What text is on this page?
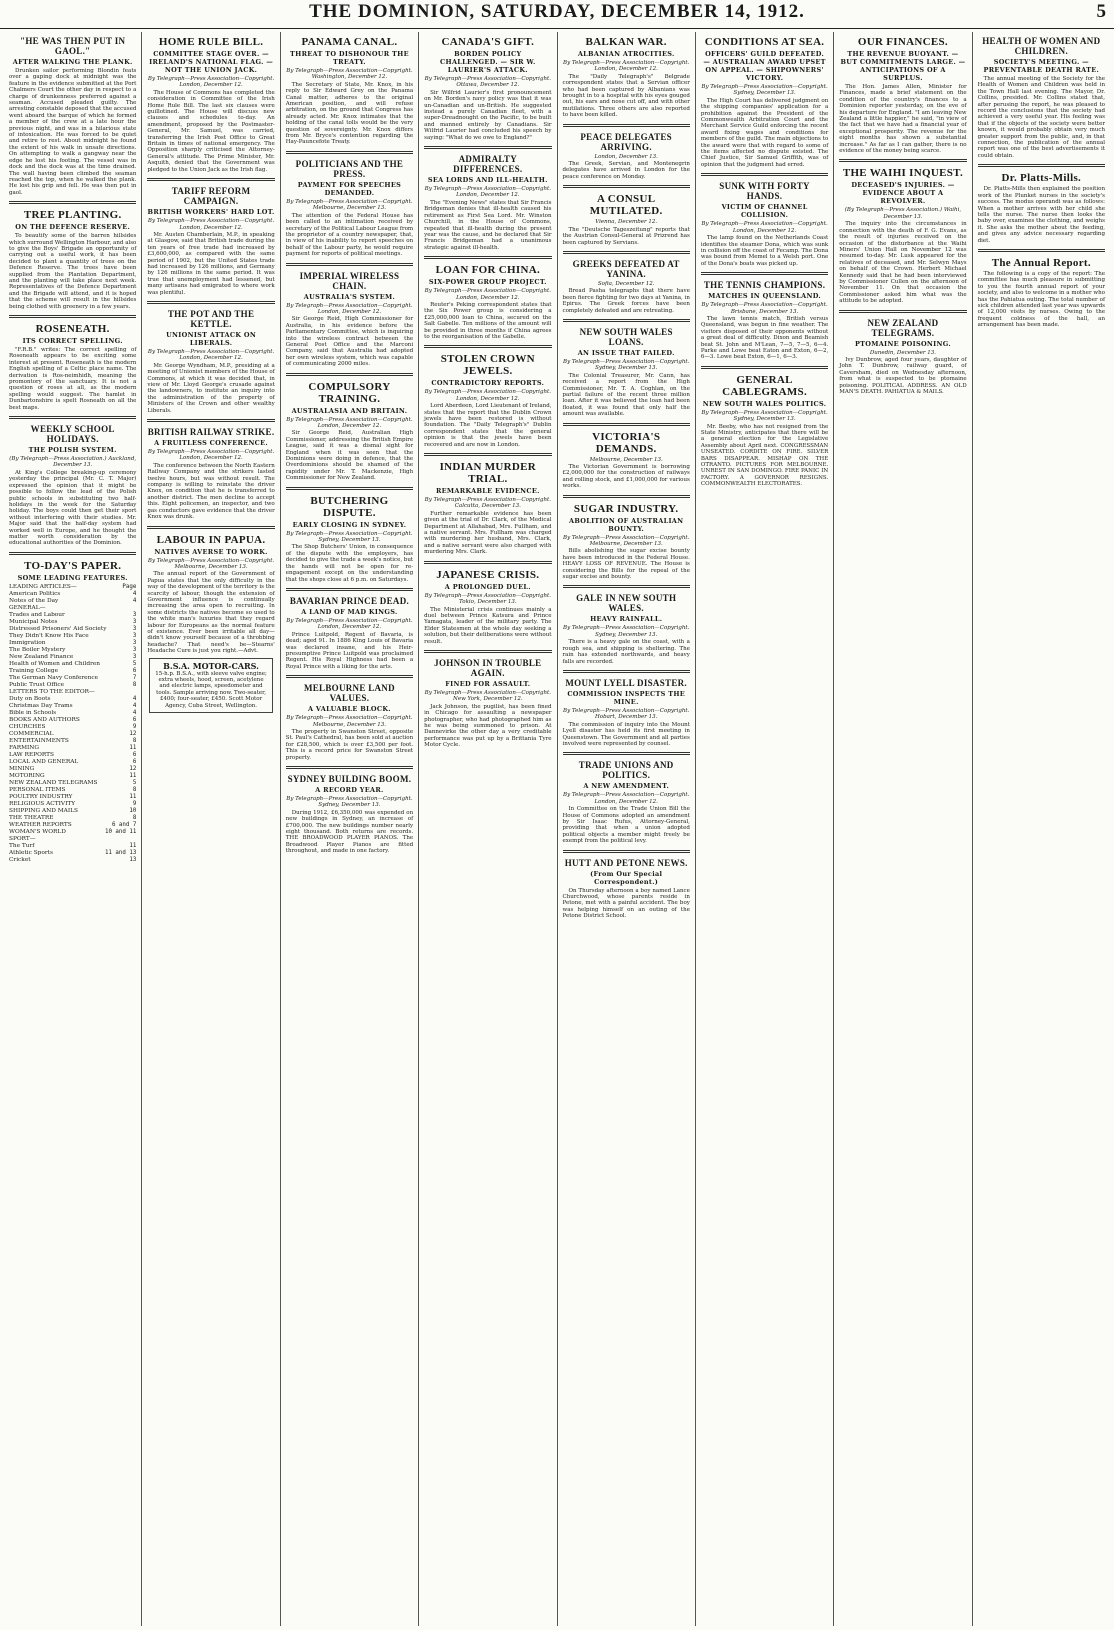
THE DOMINION, SATURDAY, DECEMBER 14, 1912.	5
"HE WAS THEN PUT IN GAOL."
AFTER WALKING THE PLANK.

Drunken sailor performing Blondin feats over a gaping dock at midnight was the feature in the evidence submitted at the Port Chalmers Court the other day in respect to a charge of drunkenness preferred against a seaman. Accused pleaded guilty. The arresting constable deposed that the accused went aboard the barque of which he formed a member of the crew at a late hour the previous night, and was in a hilarious state of intoxication. He was forced to be quiet and retire to rest. About midnight he found the extent of his walk in unsafe directions. On attempting to walk a gangway near the edge he lost his footing. The vessel was in dock and the dock was at the time drained. The wall having been climbed the seaman reached the top, when he walked the plank. He lost his grip and fell. He was then put in gaol.

TREE PLANTING.
ON THE DEFENCE RESERVE.

To beautify some of the barren hillsides which surround Wellington Harbour, and also to give the Boys' Brigade an opportunity of carrying out a useful work, it has been decided to plant a quantity of trees on the Defence Reserve. The trees have been supplied from the Plantation Department, and the planting will take place next week. Representatives of the Defence Department and the Brigade will attend, and it is hoped that the scheme will result in the hillsides being clothed with greenery in a few years.

ROSENEATH.
ITS CORRECT SPELLING.

"F.R.B." writes: The correct spelling of Roseneath appears to be exciting some interest at present. Roseneath is the modern English spelling of a Celtic place name. The derivation is Ros-neimhidh, meaning the promontory of the sanctuary. It is not a question of roses at all, as the modern spelling would suggest. The hamlet in Dunbartonshire is spelt Rosneath on all the best maps.

WEEKLY SCHOOL HOLIDAYS.
THE POLISH SYSTEM.
(By Telegraph—Press Association.) Auckland, December 13.

At King's College breaking-up ceremony yesterday the principal (Mr. C. T. Major) expressed the opinion that it might be possible to follow the lead of the Polish public schools in substituting two half-holidays in the week for the Saturday holiday. The boys could then get their sport without interfering with their studies. Mr. Major said that the half-day system had worked well in Europe, and he thought the matter worth consideration by the educational authorities of the Dominion.

TO-DAY'S PAPER.
SOME LEADING FEATURES.
LEADING ARTICLES—	Page
American Politics	4
Notes of the Day	4
GENERAL—
Trades and Labour	3
Municipal Notes	3
Distressed Prisoners' Aid Society	3
They Didn't Know His Face	3
Immigration	3
The Boiler Mystery	3
New Zealand Finance	3
Health of Women and Children	5
Training College	6
The German Navy Conference	7
Public Trust Office	8
LETTERS TO THE EDITOR—
Duty on Boots	4
Christmas Day Trams	4
Bible in Schools	4
BOOKS AND AUTHORS	6
CHURCHES	9
COMMERCIAL	12
ENTERTAINMENTS	8
FARMING	11
LAW REPORTS	6
LOCAL AND GENERAL	6
MINING	12
MOTORING	11
NEW ZEALAND TELEGRAMS	5
PERSONAL ITEMS	8
POULTRY INDUSTRY	11
RELIGIOUS ACTIVITY	9
SHIPPING AND MAILS	10
THE THEATRE	8
WEATHER REPORTS	6 and 7
WOMAN'S WORLD	10 and 11
SPORT—
The Turf	11
Athletic Sports	11 and 13
Cricket	13
HOME RULE BILL.
COMMITTEE STAGE OVER. — IRELAND'S NATIONAL FLAG. — NOT THE UNION JACK.
By Telegraph—Press Association—Copyright. London, December 12.

The House of Commons has completed the consideration in Committee of the Irish Home Rule Bill. The last six clauses were guillotined. The House will discuss new clauses and schedules to-day. An amendment, proposed by the Postmaster-General, Mr. Samuel, was carried, transferring the Irish Post Office to Great Britain in times of national emergency. The Opposition sharply criticised the Attorney-General's attitude. The Prime Minister, Mr. Asquith, denied that the Government was pledged to the Union Jack as the Irish flag.

TARIFF REFORM CAMPAIGN.
BRITISH WORKERS' HARD LOT.
By Telegraph—Press Association—Copyright. London, December 12.

Mr. Austen Chamberlain, M.P., in speaking at Glasgow, said that British trade during the ten years of free trade had increased by £3,600,000, as compared with the same period of 1902, but the United States trade had increased by 126 millions, and Germany by 126 millions in the same period. It was true that unemployment had lessened, but many artisans had emigrated to where work was plentiful.

THE POT AND THE KETTLE.
UNIONIST ATTACK ON LIBERALS.
By Telegraph—Press Association—Copyright. London, December 12.

Mr. George Wyndham, M.P., presiding at a meeting of Unionist members of the House of Commons, at which it was decided that, in view of Mr. Lloyd George's crusade against the landowners, to institute an inquiry into the administration of the property of Ministers of the Crown and other wealthy Liberals.

BRITISH RAILWAY STRIKE.
A FRUITLESS CONFERENCE.
By Telegraph—Press Association—Copyright. London, December 12.

The conference between the North Eastern Railway Company and the strikers lasted twelve hours, but was without result. The company is willing to reinstate the driver Knox, on condition that he is transferred to another district. The men decline to accept this. Eight policemen, an inspector, and two gas conductors gave evidence that the driver Knox was drunk.

LABOUR IN PAPUA.
NATIVES AVERSE TO WORK.
By Telegraph—Press Association—Copyright. Melbourne, December 13.

The annual report of the Government of Papua states that the only difficulty in the way of the development of the territory is the scarcity of labour, though the extension of Government influence is continually increasing the area open to recruiting. In some districts the natives become so used to the white man's luxuries that they regard labour for Europeans as the normal feature of existence. Ever been irritable all day—didn't know yourself because of a throbbing headache? That need's be—Stearns' Headache Cure is just you right.—Advt.

B.S.A. MOTOR-CARS.
15-h.p. B.S.A., with sleeve valve engine; extra wheels, hood, screen, acetylene and electric lamps, speedometer and tools. Sample arriving now. Two-seater, £400; four-seater, £450. Scott Motor Agency, Cuba Street, Wellington.
PANAMA CANAL.
THREAT TO DISHONOUR THE TREATY.
By Telegraph—Press Association—Copyright. Washington, December 12.

The Secretary of State, Mr. Knox, in his reply to Sir Edward Grey on the Panama Canal matter, adheres to the original American position, and will refuse arbitration, on the ground that Congress has already acted. Mr. Knox intimates that the holding of the canal tolls would be the very question of sovereignty. Mr. Knox differs from Mr. Bryce's contention regarding the Hay-Pauncefote Treaty.

POLITICIANS AND THE PRESS.
PAYMENT FOR SPEECHES DEMANDED.
By Telegraph—Press Association—Copyright. Melbourne, December 13.

The attention of the Federal House has been called to an intimation received by secretary of the Political Labour League from the proprietor of a country newspaper, that, in view of his inability to report speeches on behalf of the Labour party, he would require payment for reports of political meetings.

IMPERIAL WIRELESS CHAIN.
AUSTRALIA'S SYSTEM.
By Telegraph—Press Association—Copyright. London, December 12.

Sir George Reid, High Commissioner for Australia, in his evidence before the Parliamentary Committee, which is inquiring into the wireless contract between the General Post Office and the Marconi Company, said that Australia had adopted her own wireless system, which was capable of communicating 2000 miles.

COMPULSORY TRAINING.
AUSTRALASIA AND BRITAIN.
By Telegraph—Press Association—Copyright. London, December 12.

Sir George Reid, Australian High Commissioner, addressing the British Empire League, said it was a dismal sight for England when it was seen that the Dominions were doing in defence, that the Overdominions should be shamed of the rapidity under Mr. T. Mackenzie, High Commissioner for New Zealand.

BUTCHERING DISPUTE.
EARLY CLOSING IN SYDNEY.
By Telegraph—Press Association—Copyright. Sydney, December 13.

The Shop Butchers' Union, in consequence of the dispute with the employers, has decided to give the trade a week's notice, but the hands will not be open for re-engagement except on the understanding that the shops close at 6 p.m. on Saturdays.

BAVARIAN PRINCE DEAD.
A LAND OF MAD KINGS.
By Telegraph—Press Association—Copyright. London, December 12.

Prince Luitpold, Regent of Bavaria, is dead; aged 91. In 1886 King Louis of Bavaria was declared insane, and his Heir-presumptive Prince Luitpold was proclaimed Regent. His Royal Highness had been a Royal Prince with a liking for the arts.

MELBOURNE LAND VALUES.
A VALUABLE BLOCK.
By Telegraph—Press Association—Copyright. Melbourne, December 13.

The property in Swanston Street, opposite St. Paul's Cathedral, has been sold at auction for £28,500, which is over £3,500 per foot. This is a record price for Swanston Street property.

SYDNEY BUILDING BOOM.
A RECORD YEAR.
By Telegraph—Press Association—Copyright. Sydney, December 13.

During 1912, £6,350,000 was expended on new buildings in Sydney, an increase of £700,000. The new buildings number nearly eight thousand. Both returns are records. THE BROADWOOD PLAYER PIANOS. The Broadwood Player Pianos are fitted throughout, and made in one factory.

CANADA'S GIFT.
BORDEN POLICY CHALLENGED. — SIR W. LAURIER'S ATTACK.
By Telegraph—Press Association—Copyright. Ottawa, December 12.

Sir Wilfrid Laurier's first pronouncement on Mr. Borden's navy policy was that it was un-Canadian and un-British. He suggested instead a purely Canadian fleet, with a super-Dreadnought on the Pacific, to be built and manned entirely by Canadians. Sir Wilfrid Laurier had concluded his speech by saying: "What do we owe to England?"

ADMIRALTY DIFFERENCES.
SEA LORDS AND ILL-HEALTH.
By Telegraph—Press Association—Copyright. London, December 12.

The "Evening News" states that Sir Francis Bridgeman denies that ill-health caused his retirement as First Sea Lord. Mr. Winston Churchill, in the House of Commons, repeated that ill-health during the present year was the cause, and he declared that Sir Francis Bridgeman had a unanimous strategic against ill-health.

LOAN FOR CHINA.
SIX-POWER GROUP PROJECT.
By Telegraph—Press Association—Copyright. London, December 12.

Reuter's Peking correspondent states that the Six Power group is considering a £25,000,000 loan to China, secured on the Salt Gabelle. Ten millions of the amount will be provided in three months if China agrees to the reorganisation of the Gabelle.

STOLEN CROWN JEWELS.
CONTRADICTORY REPORTS.
By Telegraph—Press Association—Copyright. London, December 12.

Lord Aberdeen, Lord Lieutenant of Ireland, states that the report that the Dublin Crown jewels have been restored is without foundation. The "Daily Telegraph's" Dublin correspondent states that the general opinion is that the jewels have been recovered and are now in London.

INDIAN MURDER TRIAL.
REMARKABLE EVIDENCE.
By Telegraph—Press Association—Copyright. Calcutta, December 13.

Further remarkable evidence has been given at the trial of Dr. Clark, of the Medical Department at Allahabad, Mrs. Fullham, and a native servant. Mrs. Fullham was charged with murdering her husband, Mrs. Clark, and a native servant were also charged with murdering Mrs. Clark.

JAPANESE CRISIS.
A PROLONGED DUEL.
By Telegraph—Press Association—Copyright. Tokio, December 13.

The Ministerial crisis continues mainly a duel between Prince Katsura and Prince Yamagata, leader of the military party. The Elder Statesmen at the whole day seeking a solution, but their deliberations were without result.

JOHNSON IN TROUBLE AGAIN.
FINED FOR ASSAULT.
By Telegraph—Press Association—Copyright. New York, December 12.

Jack Johnson, the pugilist, has been fined in Chicago for assaulting a newspaper photographer, who had photographed him as he was being summoned to prison. At Dannevirke the other day a very creditable performance was put up by a Brittania Tyre Motor Cycle.

BALKAN WAR.
ALBANIAN ATROCITIES.
By Telegraph—Press Association—Copyright. London, December 12.

The "Daily Telegraph's" Belgrade correspondent states that a Servian officer who had been captured by Albanians was brought in to a hospital with his eyes gouged out, his ears and nose cut off, and with other mutilations. Three others are also reported to have been killed.

PEACE DELEGATES ARRIVING.
London, December 13.

The Greek, Servian, and Montenegrin delegates have arrived in London for the peace conference on Monday.

A CONSUL MUTILATED.
Vienna, December 12.

The "Deutsche Tageszeitung" reports that the Austrian Consul-General at Prizrend has been captured by Servians.

GREEKS DEFEATED AT YANINA.
Sofia, December 12.

Bread Pasha telegraphs that there have been fierce fighting for two days at Yanina, in Epirus. The Greek forces have been completely defeated and are retreating.

NEW SOUTH WALES LOANS.
AN ISSUE THAT FAILED.
By Telegraph—Press Association—Copyright. Sydney, December 13.

The Colonial Treasurer, Mr. Cann, has received a report from the High Commissioner, Mr. T. A. Coghlan, on the partial failure of the recent three million loan. After it was believed the loan had been floated, it was found that only half the amount was available.

VICTORIA'S DEMANDS.
Melbourne, December 13.

The Victorian Government is borrowing £2,000,000 for the construction of railways and rolling stock, and £1,000,000 for various works.

SUGAR INDUSTRY.
ABOLITION OF AUSTRALIAN BOUNTY.
By Telegraph—Press Association—Copyright. Melbourne, December 13.

Bills abolishing the sugar excise bounty have been introduced in the Federal House. HEAVY LOSS OF REVENUE. The House is considering the Bills for the repeal of the sugar excise and bounty.

GALE IN NEW SOUTH WALES.
HEAVY RAINFALL.
By Telegraph—Press Association—Copyright. Sydney, December 13.

There is a heavy gale on the coast, with a rough sea, and shipping is sheltering. The rain has extended northwards, and heavy falls are recorded.

MOUNT LYELL DISASTER.
COMMISSION INSPECTS THE MINE.
By Telegraph—Press Association—Copyright. Hobart, December 13.

The commission of inquiry into the Mount Lyell disaster has held its first meeting in Queenstown. The Government and all parties involved were represented by counsel.

TRADE UNIONS AND POLITICS.
A NEW AMENDMENT.
By Telegraph—Press Association—Copyright. London, December 12.

In Committee on the Trade Union Bill the House of Commons adopted an amendment by Sir Isaac Rufus, Attorney-General, providing that when a union adopted political objects a member might freely be exempt from the political levy.

HUTT AND PETONE NEWS.
(From Our Special Correspondent.)

On Thursday afternoon a boy named Lance Churchwood, whose parents reside in Petone, met with a painful accident. The boy was helping himself on an outing of the Petone District School.

CONDITIONS AT SEA.
OFFICERS' GUILD DEFEATED. — AUSTRALIAN AWARD UPSET ON APPEAL. — SHIPOWNERS' VICTORY.
By Telegraph—Press Association—Copyright. Sydney, December 13.

The High Court has delivered judgment on the shipping companies' application for a prohibition against the President of the Commonwealth Arbitration Court and the Merchant Service Guild enforcing the recent award fixing wages and conditions for members of the guild. The main objections to the award were that with regard to some of the items affected no dispute existed. The Chief Justice, Sir Samuel Griffith, was of opinion that the judgment had erred.

SUNK WITH FORTY HANDS.
VICTIM OF CHANNEL COLLISION.
By Telegraph—Press Association—Copyright. London, December 12.

The lamp found on the Netherlands Coast identifies the steamer Dona, which was sunk in collision off the coast of Fecamp. The Dona was bound from Memel to a Welsh port. One of the Dona's boats was picked up.

THE TENNIS CHAMPIONS.
MATCHES IN QUEENSLAND.
By Telegraph—Press Association—Copyright. Brisbane, December 13.

The lawn tennis match, British versus Queensland, was begun in fine weather. The visitors disposed of their opponents without a great deal of difficulty. Dixon and Beamish beat St. John and M'Lean, 7—5, 7—5, 6—4. Parke and Lowe beat Eaton and Exton, 6—2, 6—3. Lowe beat Exton, 6—1, 6—3.

GENERAL CABLEGRAMS.
NEW SOUTH WALES POLITICS.
By Telegraph—Press Association—Copyright. Sydney, December 13.

Mr. Beeby, who has not resigned from the State Ministry, anticipates that there will be a general election for the Legislative Assembly about April next. CONGRESSMAN UNSEATED. CORDITE ON FIRE. SILVER BARS DISAPPEAR. MISHAP ON THE OTRANTO. PICTURES FOR MELBOURNE. UNREST IN SAN DOMINGO. FIRE PANIC IN FACTORY. A GOVERNOR RESIGNS. COMMONWEALTH ELECTORATES.

OUR FINANCES.
THE REVENUE BUOYANT. — BUT COMMITMENTS LARGE. — ANTICIPATIONS OF A SURPLUS.

The Hon. James Allen, Minister for Finances, made a brief statement on the condition of the country's finances to a Dominion reporter yesterday, on the eve of his departure for England. "I am leaving New Zealand a little happier," he said, "in view of the fact that we have had a financial year of exceptional prosperity. The revenue for the eight months has shown a substantial increase." As far as I can gather, there is no evidence of the money being scarce.

THE WAIHI INQUEST.
DECEASED'S INJURIES. — EVIDENCE ABOUT A REVOLVER.
(By Telegraph—Press Association.) Waihi, December 13.

The inquiry into the circumstances in connection with the death of F. G. Evans, as the result of injuries received on the occasion of the disturbance at the Waihi Miners' Union Hall on November 12 was resumed to-day. Mr. Lusk appeared for the relatives of deceased, and Mr. Selwyn Mays on behalf of the Crown. Herbert Michael Kennedy said that he had been interviewed by Commissioner Cullen on the afternoon of November 11. On that occasion the Commissioner asked him what was the attitude to be adopted.

NEW ZEALAND TELEGRAMS.
PTOMAINE POISONING.
Dunedin, December 13.

Ivy Dunbrow, aged four years, daughter of John T. Dunbrow, railway guard, of Caversham, died on Wednesday afternoon, from what is suspected to be ptomaine poisoning. POLITICAL ADDRESS. AN OLD MAN'S DEATH. PAHIATUA & MAILS.

HEALTH OF WOMEN AND CHILDREN.
SOCIETY'S MEETING. — PREVENTABLE DEATH RATE.

The annual meeting of the Society for the Health of Women and Children was held in the Town Hall last evening. The Mayor, Dr. Collins, presided. Mr. Collins stated that, after perusing the report, he was pleased to record the conclusions that the society had achieved a very useful year. His feeling was that if the objects of the society were better known, it would probably obtain very much greater support from the public, and, in that connection, the publication of the annual report was one of the best advertisements it could obtain.

Dr. Platts-Mills.

Dr. Platts-Mills then explained the position work of the Plunket nurses in the society's success. The modus operandi was as follows: When a mother arrives with her child she tells the nurse. The nurse then looks the baby over, examines the clothing, and weighs it. She asks the mother about the feeding, and gives any advice necessary regarding diet.

The Annual Report.

The following is a copy of the report: The committee has much pleasure in submitting to you the fourth annual report of your society, and also to welcome in a mother who has the Pahiatua outing. The total number of sick children attended last year was upwards of 12,000 visits by nurses. Owing to the frequent coldness of the hall, an arrangement has been made.
